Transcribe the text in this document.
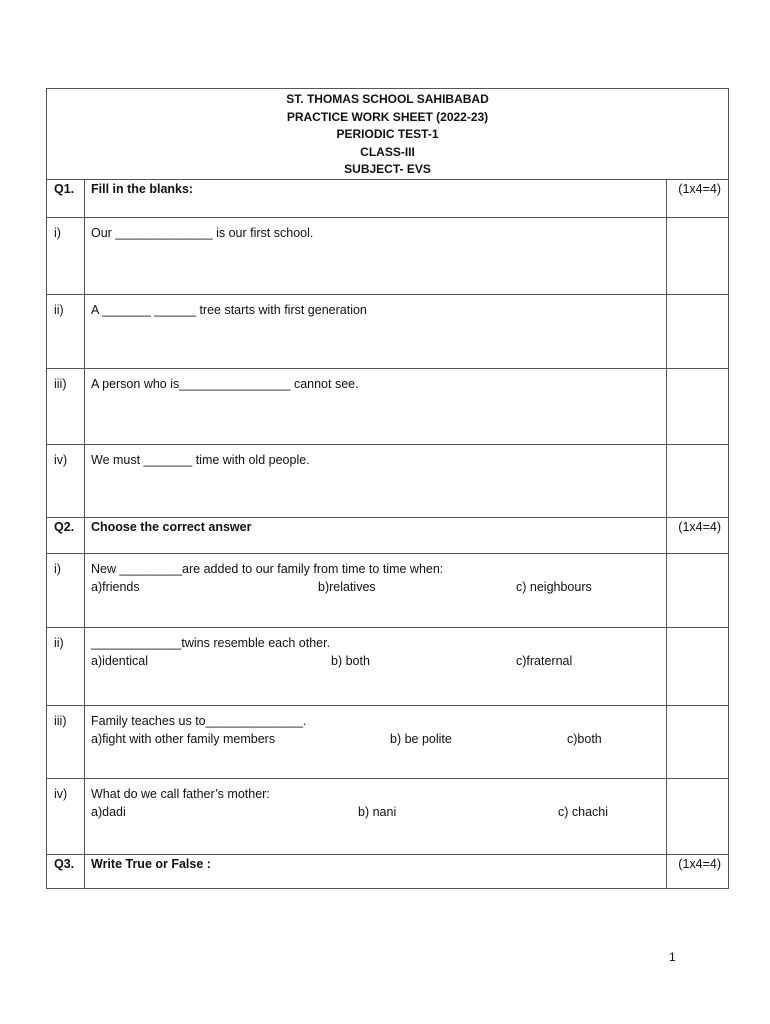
ST. THOMAS SCHOOL SAHIBABAD
PRACTICE WORK SHEET (2022-23)
PERIODIC TEST-1
CLASS-III
SUBJECT- EVS		

Q1.	Fill in the blanks:	(1x4=4)
i)	Our ______________ is our first school.	
ii)	A _______ ______ tree starts with first generation	
iii)	A person who is________________ cannot see.	
iv)	We must _______ time with old people.	
Q2.	Choose the correct answer	(1x4=4)
i)	New _________are added to our family from time to time when:
a)friends b)relatives c) neighbours	

ii)	_____________twins resemble each other.
a)identical b) both c)fraternal	

iii)	Family teaches us to______________.
a)fight with other family members b) be polite c)both	

iv)	What do we call father’s mother:
a)dadi b) nani c) chachi	

Q3.	Write True or False :	(1x4=4)
1
